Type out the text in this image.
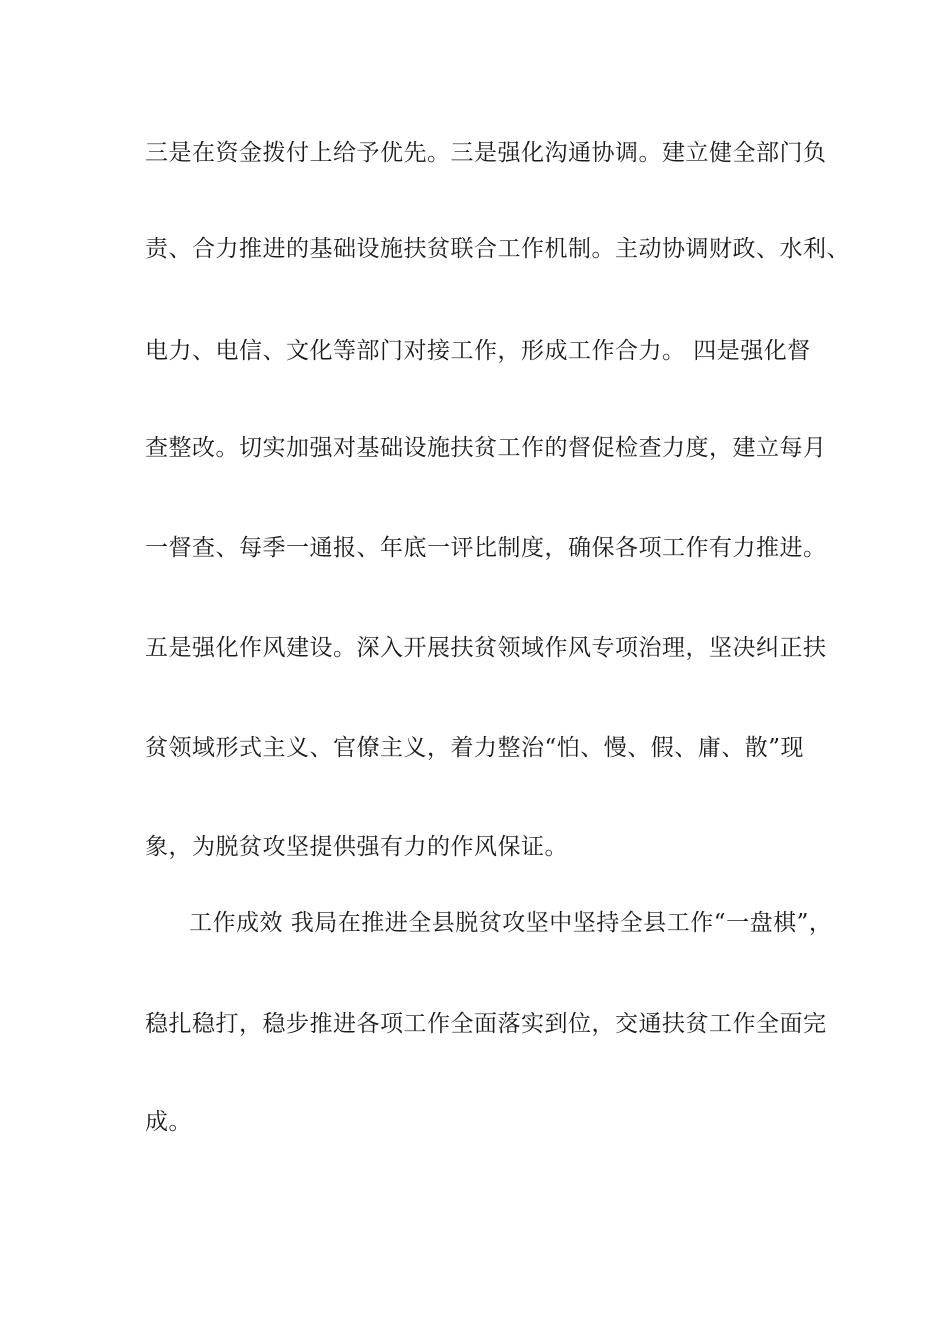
三是在资金拨付上给予优先。三是强化沟通协调。建立健全部门负
责、合力推进的基础设施扶贫联合工作机制。主动协调财政、水利、
电力、电信、文化等部门对接工作，形成工作合力。 四是强化督
查整改。切实加强对基础设施扶贫工作的督促检查力度，建立每月
一督查、每季一通报、年底一评比制度，确保各项工作有力推进。
五是强化作风建设。深入开展扶贫领域作风专项治理，坚决纠正扶
贫领域形式主义、官僚主义，着力整治“怕、慢、假、庸、散”现
象，为脱贫攻坚提供强有力的作风保证。
工作成效 我局在推进全县脱贫攻坚中坚持全县工作“一盘棋”，
稳扎稳打，稳步推进各项工作全面落实到位，交通扶贫工作全面完
成。
